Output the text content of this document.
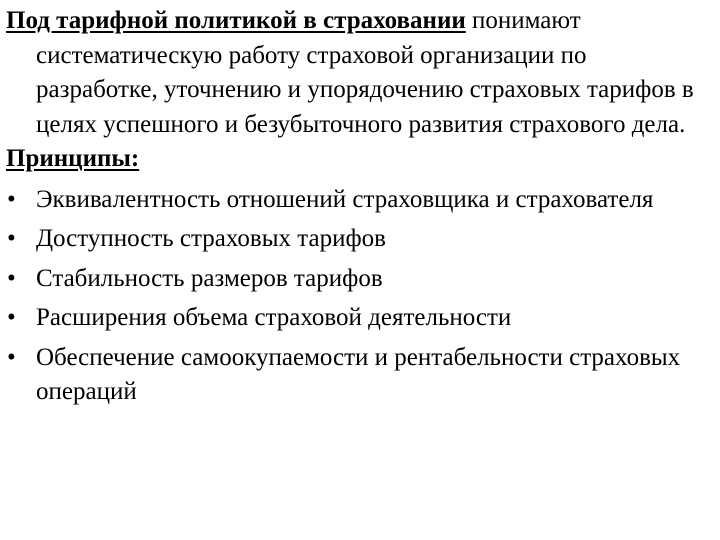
Под тарифной политикой в страховании понимают систематическую работу страховой организации по разработке, уточнению и упорядочению страховых тарифов в целях успешного и безубыточного развития страхового дела.

Принципы:

• Эквивалентность отношений страховщика и страхователя
• Доступность страховых тарифов
• Стабильность размеров тарифов
• Расширения объема страховой деятельности
• Обеспечение самоокупаемости и рентабельности страховых операций
